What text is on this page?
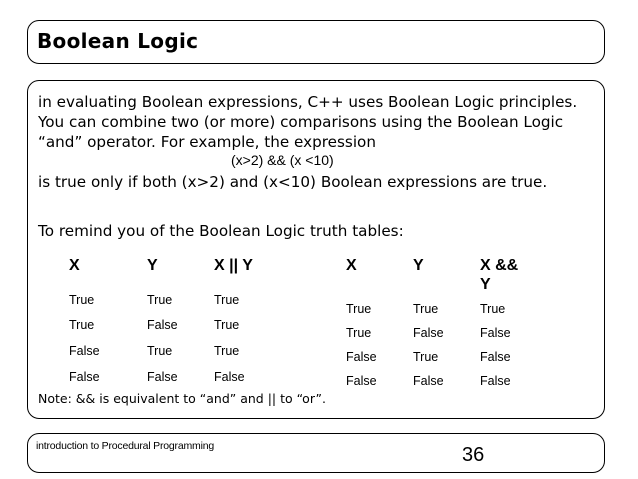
Boolean Logic
in evaluating Boolean expressions, C++ uses Boolean Logic principles.
You can combine two (or more) comparisons using the Boolean Logic
“and” operator. For example, the expression
(x>2) && (x <10)
is true only if both (x>2) and (x<10) Boolean expressions are true.
To remind you of the Boolean Logic truth tables:
X
True
True
False
False
Y
True
False
True
False
X || Y
True
True
True
False
X
True
True
False
False
Y
True
False
True
False
X &&
Y
True
False
False
False
Note: && is equivalent to “and” and || to “or”.
introduction to Procedural Programming	36
